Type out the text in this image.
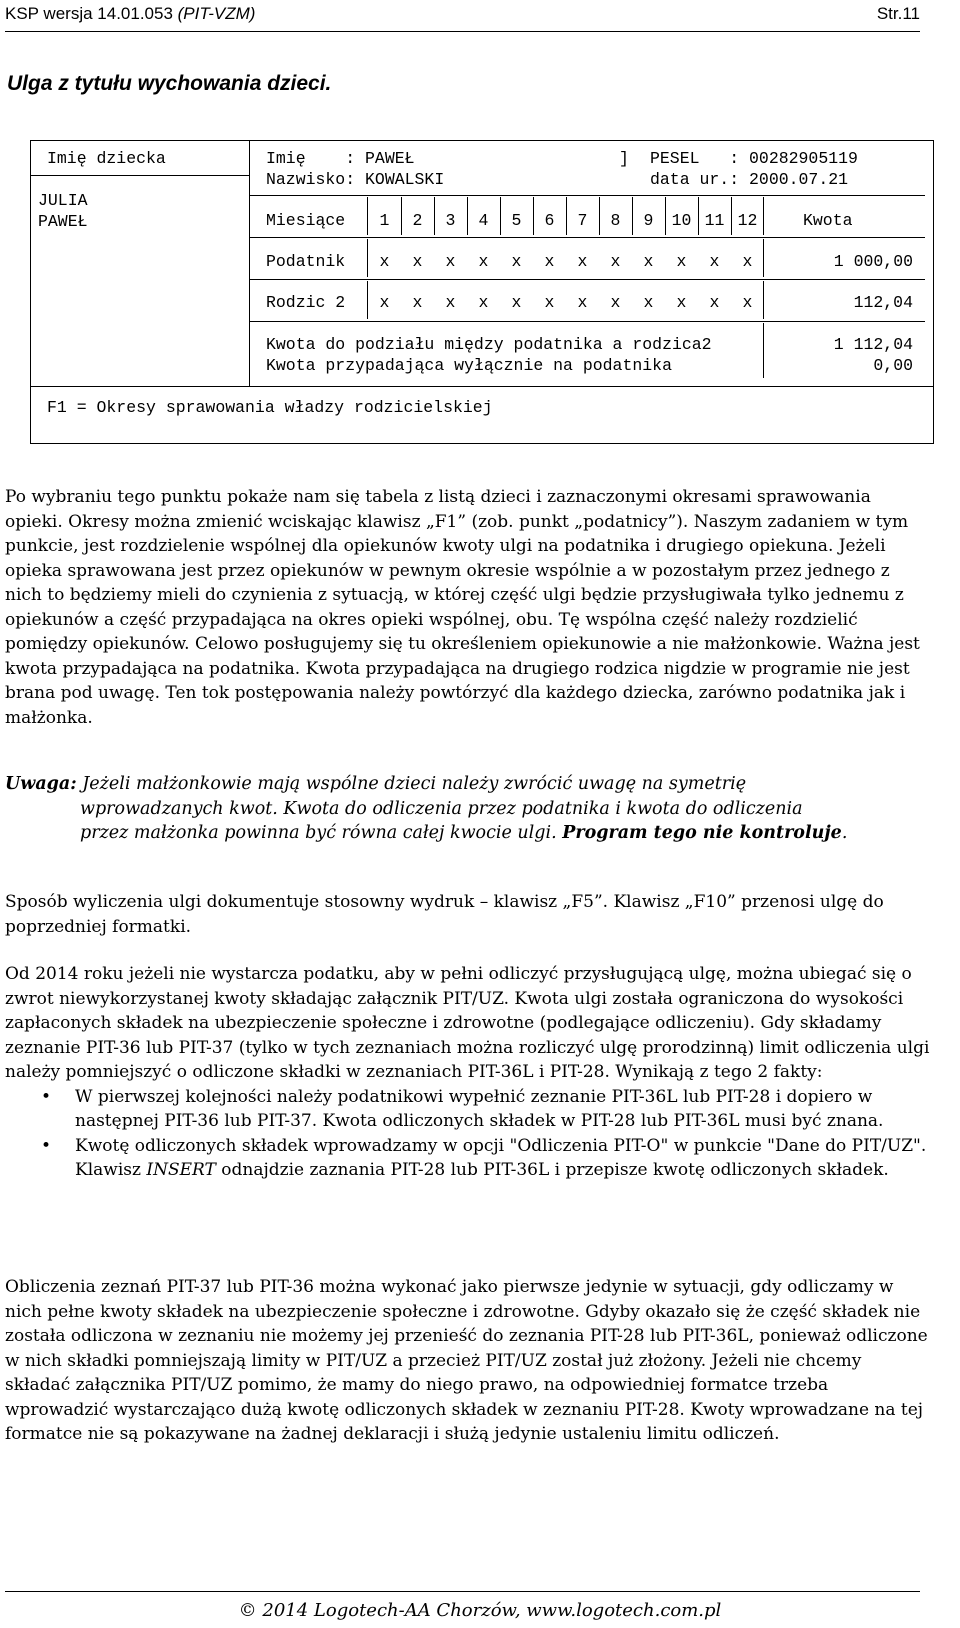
KSP wersja 14.01.053 (PIT-VZM)	Str.11
Ulga z tytułu wychowania dzieci.
Imię dziecka
JULIA
PAWEŁ
Imię    : PAWEŁ	] PESEL   : 00282905119
Nazwisko: KOWALSKI	data ur.: 2000.07.21
Miesiące	1	2	3	4	5	6	7	8	9	10 11 12	Kwota
Podatnik	x	x	x	x	x	x	x	x	x	x	x	x	1 000,00
Rodzic 2	x	x	x	x	x	x	x	x	x	x	x	x	112,04
Kwota do podziału między podatnika a rodzica2	1 112,04
Kwota przypadająca wyłącznie na podatnika	0,00
F1 = Okresy sprawowania władzy rodzicielskiej
Po wybraniu tego punktu pokaże nam się tabela z listą dzieci i zaznaczonymi okresami sprawowania opieki. Okresy można zmienić wciskając klawisz „F1” (zob. punkt „podatnicy”). Naszym zadaniem w tym punkcie, jest rozdzielenie wspólnej dla opiekunów kwoty ulgi na podatnika i drugiego opiekuna. Jeżeli opieka sprawowana jest przez opiekunów w pewnym okresie wspólnie a w pozostałym przez jednego z nich to będziemy mieli do czynienia z sytuacją, w której część ulgi będzie przysługiwała tylko jednemu z opiekunów a część przypadająca na okres opieki wspólnej, obu. Tę wspólna część należy rozdzielić pomiędzy opiekunów. Celowo posługujemy się tu określeniem opiekunowie a nie małżonkowie. Ważna jest kwota przypadająca na podatnika. Kwota przypadająca na drugiego rodzica nigdzie w programie nie jest brana pod uwagę. Ten tok postępowania należy powtórzyć dla każdego dziecka, zarówno podatnika jak i małżonka.
Uwaga: Jeżeli małżonkowie mają wspólne dzieci należy zwrócić uwagę na symetrię
wprowadzanych kwot. Kwota do odliczenia przez podatnika i kwota do odliczenia
przez małżonka powinna być równa całej kwocie ulgi. Program tego nie kontroluje.
Sposób wyliczenia ulgi dokumentuje stosowny wydruk – klawisz „F5”. Klawisz „F10” przenosi ulgę do poprzedniej formatki.

Od 2014 roku jeżeli nie wystarcza podatku, aby w pełni odliczyć przysługującą ulgę, można ubiegać się o zwrot niewykorzystanej kwoty składając załącznik PIT/UZ. Kwota ulgi została ograniczona do wysokości zapłaconych składek na ubezpieczenie społeczne i zdrowotne (podlegające odliczeniu). Gdy składamy zeznanie PIT-36 lub PIT-37 (tylko w tych zeznaniach można rozliczyć ulgę prorodzinną) limit odliczenia ulgi należy pomniejszyć o odliczone składki w zeznaniach PIT-36L i PIT-28. Wynikają z tego 2 fakty:

• W pierwszej kolejności należy podatnikowi wypełnić zeznanie PIT-36L lub PIT-28 i dopiero w następnej PIT-36 lub PIT-37. Kwota odliczonych składek w PIT-28 lub PIT-36L musi być znana.
• Kwotę odliczonych składek wprowadzamy w opcji "Odliczenia PIT-O" w punkcie "Dane do PIT/UZ". Klawisz INSERT odnajdzie zaznania PIT-28 lub PIT-36L i przepisze kwotę odliczonych składek.
Obliczenia zeznań PIT-37 lub PIT-36 można wykonać jako pierwsze jedynie w sytuacji, gdy odliczamy w nich pełne kwoty składek na ubezpieczenie społeczne i zdrowotne. Gdyby okazało się że część składek nie została odliczona w zeznaniu nie możemy jej przenieść do zeznania PIT-28 lub PIT-36L, ponieważ odliczone w nich składki pomniejszają limity w PIT/UZ a przecież PIT/UZ został już złożony. Jeżeli nie chcemy składać załącznika PIT/UZ pomimo, że mamy do niego prawo, na odpowiedniej formatce trzeba wprowadzić wystarczająco dużą kwotę odliczonych składek w zeznaniu PIT-28. Kwoty wprowadzane na tej formatce nie są pokazywane na żadnej deklaracji i służą jedynie ustaleniu limitu odliczeń.
© 2014 Logotech-AA Chorzów, www.logotech.com.pl
